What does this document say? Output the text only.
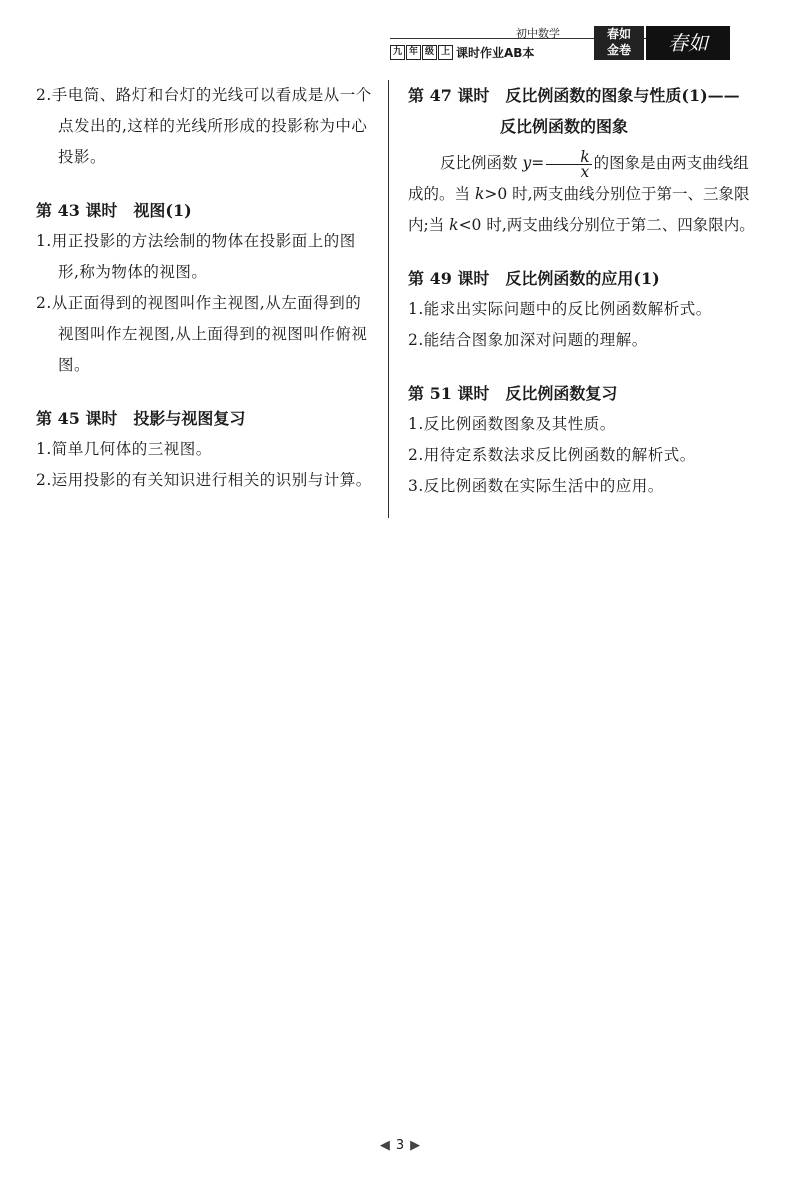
初中数学
九 年 级 上 课时作业AB本
春如
金卷	春如

2.手电筒、路灯和台灯的光线可以看成是从一个点发出的,这样的光线所形成的投影称为中心投影。

第 43 课时　视图(1)

1.用正投影的方法绘制的物体在投影面上的图形,称为物体的视图。

2.从正面得到的视图叫作主视图,从左面得到的视图叫作左视图,从上面得到的视图叫作俯视图。

第 45 课时　投影与视图复习

1.简单几何体的三视图。

2.运用投影的有关知识进行相关的识别与计算。

第 47 课时　反比例函数的图象与性质(1)——

反比例函数的图象

反比例函数 $y= \frac{k}{x}$ 的图象是由两支曲线组成的。当 k>0 时,两支曲线分别位于第一、三象限内;当 k<0 时,两支曲线分别位于第二、四象限内。

第 49 课时　反比例函数的应用(1)

1.能求出实际问题中的反比例函数解析式。

2.能结合图象加深对问题的理解。

第 51 课时　反比例函数复习

1.反比例函数图象及其性质。

2.用待定系数法求反比例函数的解析式。

3.反比例函数在实际生活中的应用。

◀ 3 ▶
